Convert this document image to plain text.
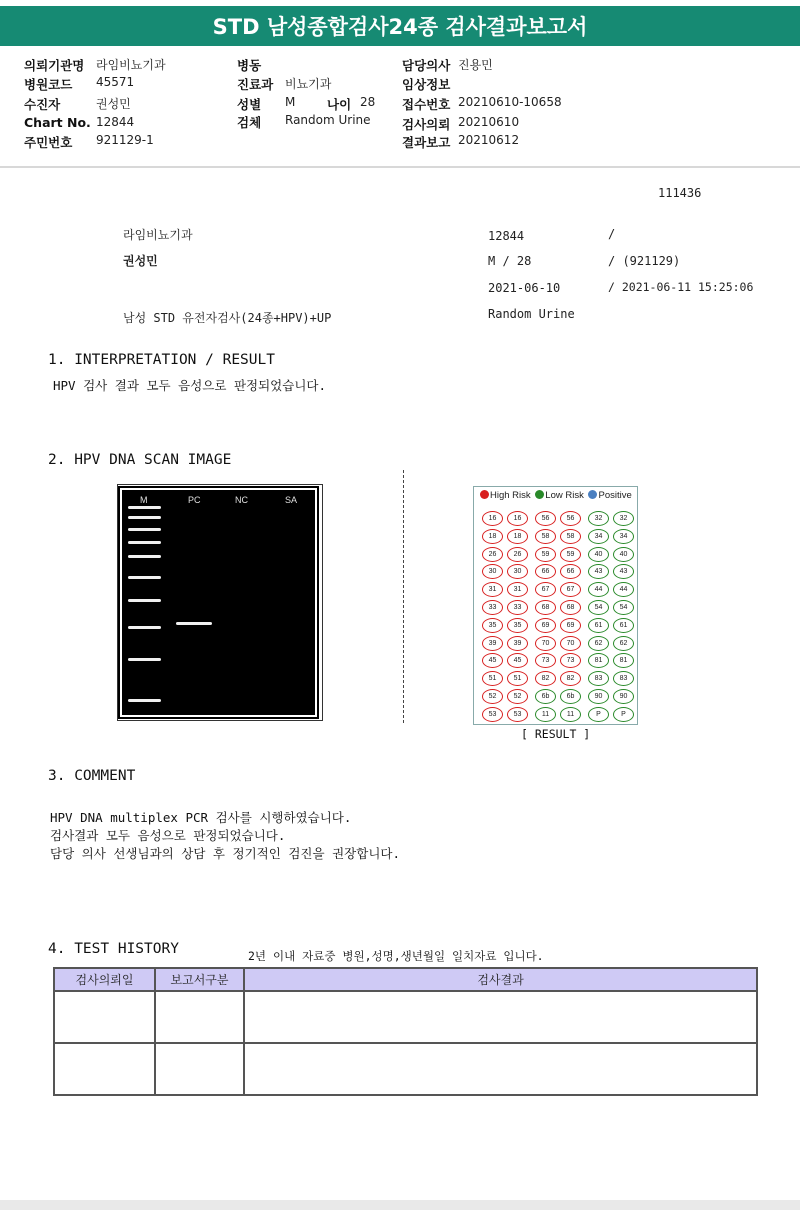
STD 남성종합검사24종 검사결과보고서
의뢰기관명 라임비뇨기과
병원코드 45571
수진자	권성민
Chart No. 12844
주민번호 921129-1
병동
진료과 비뇨기과
성별 M	나이 28
검체 Random Urine
담당의사 진용민
임상정보
접수번호 20210610-10658
검사의뢰 20210610
결과보고 20210612
111436
라임비뇨기과	12844	/
권성민	M / 28	/ (921129)
2021-06-10	/ 2021-06-11 15:25:06
남성 STD 유전자검사(24종+HPV)+UP	Random Urine
1. INTERPRETATION / RESULT
HPV 검사 결과 모두 음성으로 판정되었습니다.
2. HPV DNA SCAN IMAGE
M	PC	NC	SA	High Risk Low Risk Positive
16	16
18	18
26	26
30	30
31	31
33	33
35	35
39	39
45	45
51	51
52	52
53	53
56	56
58	58
59	59
66	66
67	67
68	68
69	69
70	70
73	73
82	82
6b	6b
11	11
32	32
34	34
40	40
43	43
44	44
54	54
61	61
62	62
81	81
83	83
90	90
P	P
[ RESULT ]
3. COMMENT
HPV DNA multiplex PCR 검사를 시행하였습니다.
검사결과 모두 음성으로 판정되었습니다.
담당 의사 선생님과의 상담 후 정기적인 검진을 권장합니다.
4. TEST HISTORY	2년 이내 자료중 병원,성명,생년월일 일치자료 입니다.
검사의뢰일	보고서구분	검사결과
